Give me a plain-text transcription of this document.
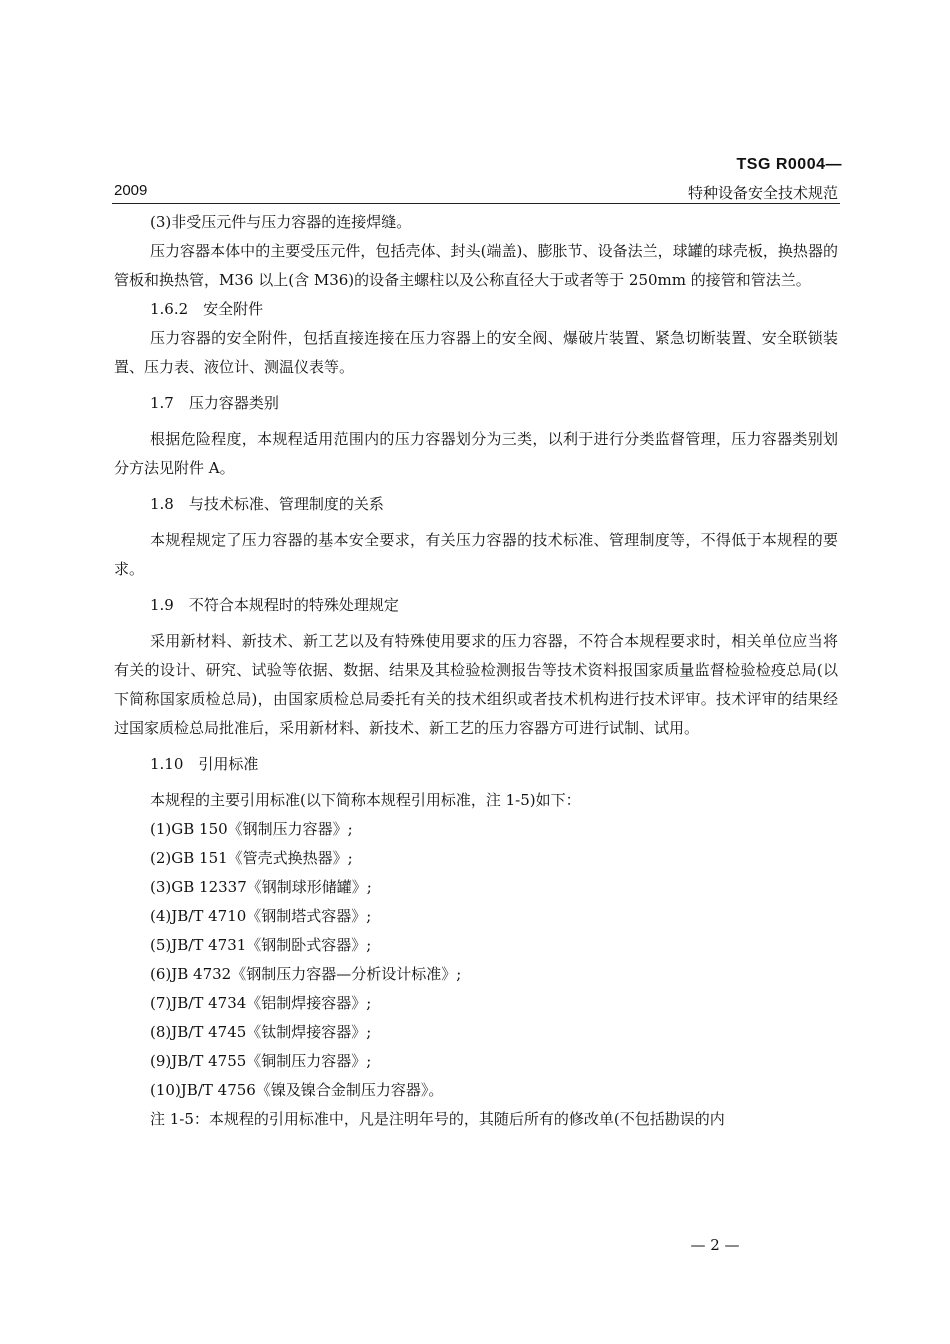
TSG R0004—
2009	特种设备安全技术规范

(3)非受压元件与压力容器的连接焊缝。

压力容器本体中的主要受压元件，包括壳体、封头(端盖)、膨胀节、设备法兰，球罐的球壳板，换热器的管板和换热管，M36 以上(含 M36)的设备主螺柱以及公称直径大于或者等于 250mm 的接管和管法兰。

1.6.2　安全附件

压力容器的安全附件，包括直接连接在压力容器上的安全阀、爆破片装置、紧急切断装置、安全联锁装置、压力表、液位计、测温仪表等。

1.7　压力容器类别

根据危险程度，本规程适用范围内的压力容器划分为三类，以利于进行分类监督管理，压力容器类别划分方法见附件 A。

1.8　与技术标准、管理制度的关系

本规程规定了压力容器的基本安全要求，有关压力容器的技术标准、管理制度等，不得低于本规程的要求。

1.9　不符合本规程时的特殊处理规定

采用新材料、新技术、新工艺以及有特殊使用要求的压力容器，不符合本规程要求时，相关单位应当将有关的设计、研究、试验等依据、数据、结果及其检验检测报告等技术资料报国家质量监督检验检疫总局(以下简称国家质检总局)，由国家质检总局委托有关的技术组织或者技术机构进行技术评审。技术评审的结果经过国家质检总局批准后，采用新材料、新技术、新工艺的压力容器方可进行试制、试用。

1.10　引用标准

本规程的主要引用标准(以下简称本规程引用标准，注 1-5)如下：

(1)GB 150《钢制压力容器》;

(2)GB 151《管壳式换热器》;

(3)GB 12337《钢制球形储罐》;

(4)JB/T 4710《钢制塔式容器》;

(5)JB/T 4731《钢制卧式容器》;

(6)JB 4732《钢制压力容器—分析设计标准》;

(7)JB/T 4734《铝制焊接容器》;

(8)JB/T 4745《钛制焊接容器》;

(9)JB/T 4755《铜制压力容器》;

(10)JB/T 4756《镍及镍合金制压力容器》。

注 1-5：本规程的引用标准中，凡是注明年号的，其随后所有的修改单(不包括勘误的内

— 2 —
